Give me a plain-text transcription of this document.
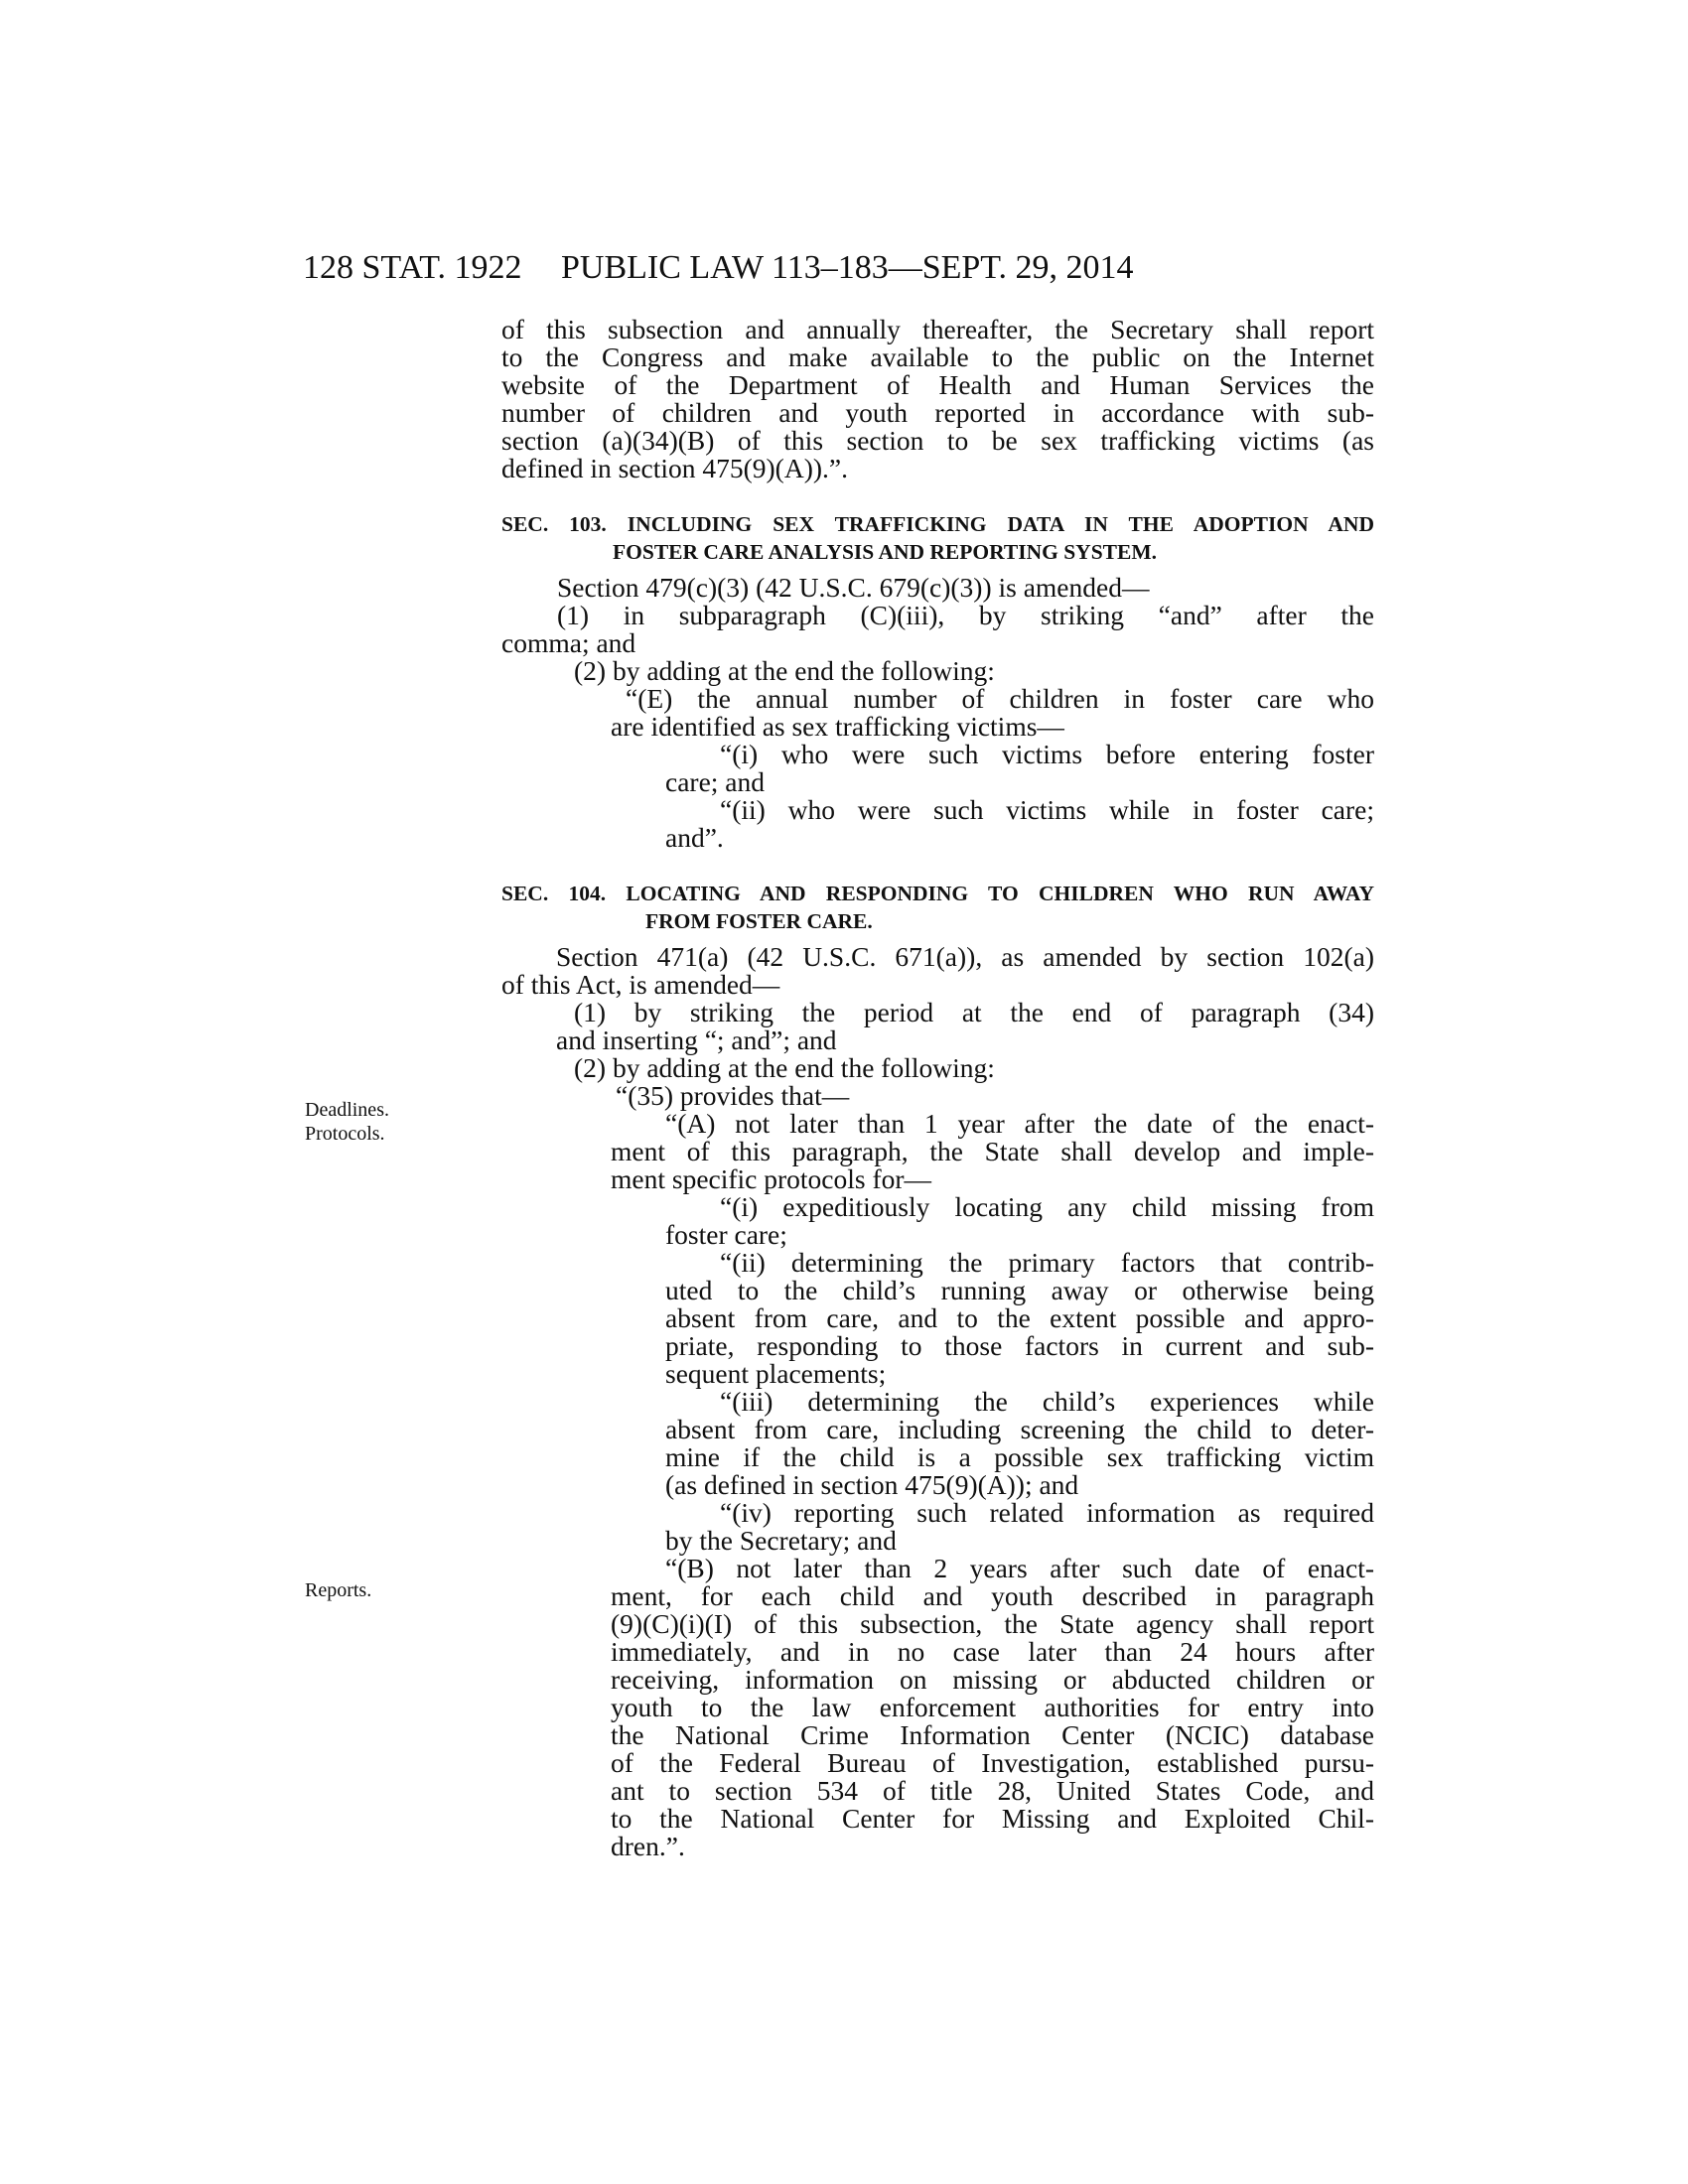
128 STAT. 1922 PUBLIC LAW 113–183—SEPT. 29, 2014
Deadlines.
Protocols.
Reports.
of this subsection and annually thereafter, the Secretary shall report
to the Congress and make available to the public on the Internet
website of the Department of Health and Human Services the
number of children and youth reported in accordance with sub-
section (a)(34)(B) of this section to be sex trafficking victims (as
defined in section 475(9)(A)).”.
SEC. 103. INCLUDING SEX TRAFFICKING DATA IN THE ADOPTION AND
FOSTER CARE ANALYSIS AND REPORTING SYSTEM.
Section 479(c)(3) (42 U.S.C. 679(c)(3)) is amended—
(1) in subparagraph (C)(iii), by striking “and” after the
comma; and
(2) by adding at the end the following:
“(E) the annual number of children in foster care who
are identified as sex trafficking victims—
“(i) who were such victims before entering foster
care; and
“(ii) who were such victims while in foster care;
and”.
SEC. 104. LOCATING AND RESPONDING TO CHILDREN WHO RUN AWAY
FROM FOSTER CARE.
Section 471(a) (42 U.S.C. 671(a)), as amended by section 102(a)
of this Act, is amended—
(1) by striking the period at the end of paragraph (34)
and inserting “; and”; and
(2) by adding at the end the following:
“(35) provides that—
“(A) not later than 1 year after the date of the enact-
ment of this paragraph, the State shall develop and imple-
ment specific protocols for—
“(i) expeditiously locating any child missing from
foster care;
“(ii) determining the primary factors that contrib-
uted to the child’s running away or otherwise being
absent from care, and to the extent possible and appro-
priate, responding to those factors in current and sub-
sequent placements;
“(iii) determining the child’s experiences while
absent from care, including screening the child to deter-
mine if the child is a possible sex trafficking victim
(as defined in section 475(9)(A)); and
“(iv) reporting such related information as required
by the Secretary; and
“(B) not later than 2 years after such date of enact-
ment, for each child and youth described in paragraph
(9)(C)(i)(I) of this subsection, the State agency shall report
immediately, and in no case later than 24 hours after
receiving, information on missing or abducted children or
youth to the law enforcement authorities for entry into
the National Crime Information Center (NCIC) database
of the Federal Bureau of Investigation, established pursu-
ant to section 534 of title 28, United States Code, and
to the National Center for Missing and Exploited Chil-
dren.”.
